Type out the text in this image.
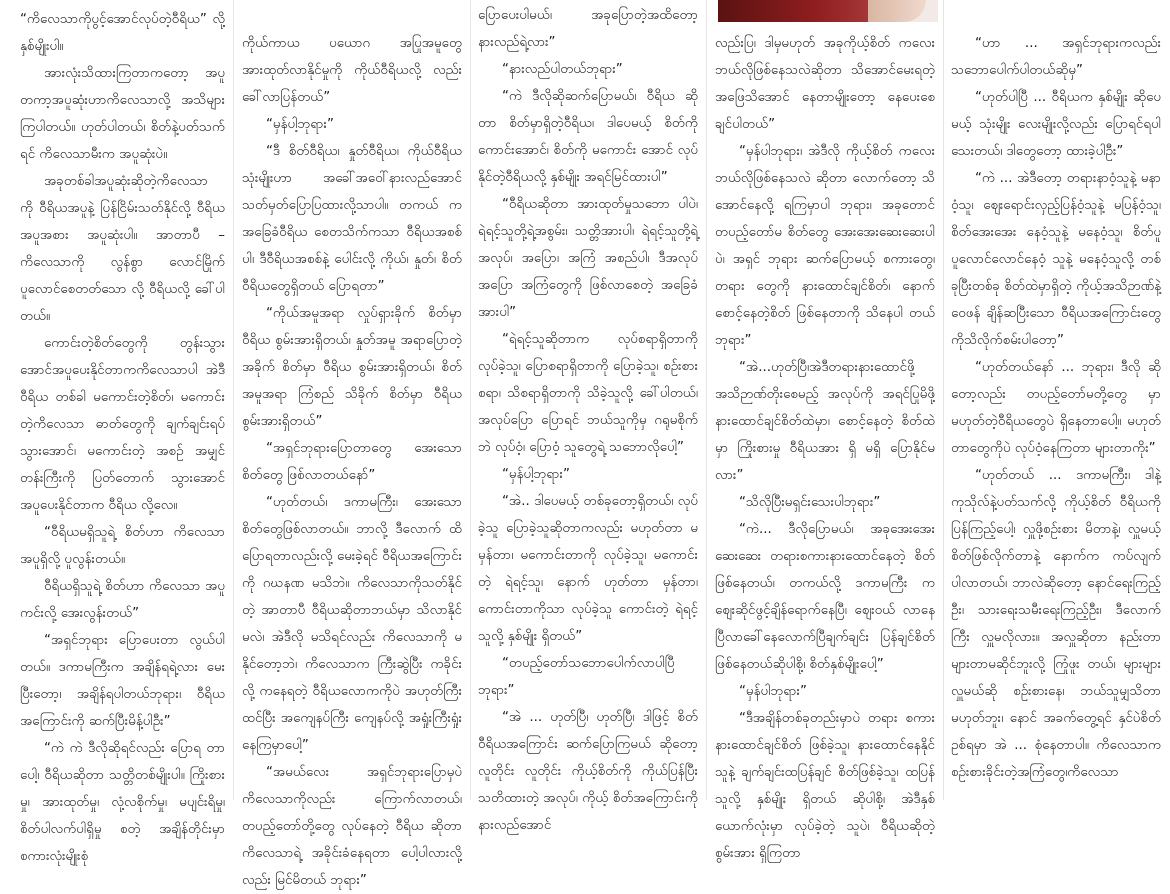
“ကိလေသာကိုပွင့်အောင်လုပ်တဲ့ဝီရိယ” လို့ နှစ်မျိုးပါ။

အားလုံးသိထားကြတာကတော့ အပူတကာ့အပူဆုံးဟာကိလေသာလို့ အသိများကြပါတယ်။ ဟုတ်ပါတယ်၊ စိတ်နဲ့ပတ်သက်ရင် ကိလေသာမီးက အပူဆုံးပဲ။

အခုတစ်ခါအပူဆုံးဆိုတဲ့ကိလေသာ ကို ဝီရိယအပူနဲ့ ပြန်ငြိမ်းသတ်နိုင်လို့ ဝီရိယအပူအစား အပူဆုံးပါ။ အာတာပီ – ကိလေသာကို လွန်စွာ လောင်မြိုက် ပူလောင်စေတတ်သော လို့ ဝီရိယလို့ ခေါ်ပါတယ်။

ကောင်းတဲ့စိတ်တွေကို တွန်းသွား အောင်အပူပေးနိုင်တာကကိလေသာပါ အဲဒီဝီရိယ တစ်ခါ မကောင်းတဲ့စိတ်၊ မကောင်းတဲ့ကိလေသာ ဓာတ်တွေကို ချက်ချင်းရပ်သွားအောင်၊ မကောင်းတဲ့ အစဉ် အမျှင်တန်းကြီးကို ပြတ်တောက် သွားအောင် အပူပေးနိုင်တာက ဝီရိယ လို့လေ။

“ဝီရိယမရှိသူရဲ့ စိတ်ဟာ ကိလေသာ အပူရှိလို့ ပူလွန်းတယ်။

ဝီရိယရှိသူရဲ့ စိတ်ဟာ ကိလေသာ အပူကင်းလို့ အေးလွန်းတယ်”

“အရှင်ဘုရား ပြောပေးတာ လွယ်ပါ တယ်။ ဒကာမကြီးက အချိန်ရရဲ့လား မေးပြီးတော့၊ အချိန်ရပါတယ်ဘုရား၊ ဝီရိယအကြောင်းကို ဆက်ပြီးမိန့်ပါဦး”

“ကဲ ကဲ ဒီလိုဆိုရင်လည်း ပြောရ တာပေါ့၊ ဝီရိယဆိုတာ သတ္တိတစ်မျိုးပါ။ ကြိုးစားမှု၊ အားထုတ်မှု၊ လုံ့လစိုက်မှု၊ မပျင်းရိမှု၊ စိတ်ပါလက်ပါရှိမှု စတဲ့ အချိန်တိုင်းမှာ စကားလုံးမျိုးစုံ

ကိုယ်ကာယ ပယောဂ အပြုအမူတွေ အားထုတ်လာနိုင်မှုကို ကိုယ်ဝီရိယလို့ လည်း ခေါ်လာပြန်တယ်”

“မှန်ပါ့ဘုရား”

“ဒီ စိတ်ဝီရိယ၊ နှုတ်ဝီရိယ၊ ကိုယ်ဝီရိယ သုံးမျိုးဟာ အခေါ်အဝေါ်နားလည်အောင် သတ်မှတ်ပြောပြထားလို့သာပါ။ တကယ် က အခြေခံဝီရိယ စေတသိက်ကသာ ဝီရိယအစစ်ပါ၊ ဒီဝီရိယအစစ်နဲ့ ပေါင်းလို့ ကိုယ်၊ နှုတ်၊ စိတ်ဝီရိယတွေရှိတယ် ပြောရတာ”

“ကိုယ်အမူအရာ လှုပ်ရှားခိုက် စိတ်မှာ ဝီရိယ စွမ်းအားရှိတယ်၊ နှုတ်အမူ အရာပြောတဲ့အခိုက် စိတ်မှာ ဝီရိယ စွမ်းအားရှိတယ်၊ စိတ်အမူအရာ ကြံစည် သိခိုက် စိတ်မှာ ဝီရိယစွမ်းအားရှိတယ်”

“အရှင်ဘုရားပြောတာတွေ အေးသော စိတ်တွေ ဖြစ်လာတယ်နော်”

“ဟုတ်တယ်၊ ဒကာမကြီး၊ အေးသော စိတ်တွေဖြစ်လာတယ်။ ဘာလို့ ဒီလောက် ထိ ပြောရတာလည်းလို့ မေးခဲ့ရင် ဝီရိယအကြောင်းကို ဂဃနဏ မသိဘဲ။ ကိလေသာကိုသတ်နိုင်တဲ့ အာတာပီ ဝီရိယဆိုတာဘယ်မှာ သိလာနိုင်မလဲ၊ အဲဒီလို မသိရင်လည်း ကိလေသာကို မနိုင်တော့ဘဲ၊ ကိလေသာက ကြီးဆွဲပြီး ကခိုင်းလို့ ကနေရတဲ့ ဝီရိယလောကကိုပဲ အဟုတ်ကြီးထင်ပြီး အကျေနပ်ကြီး ကျေနပ်လို့ အရှုံးကြီးရှုံးနေကြမှာပေါ့”

“အမယ်လေး အရှင်ဘုရားပြောမှပဲ ကိလေသာကိုလည်း ကြောက်လာတယ်၊ တပည့်တော်တို့တွေ လုပ်နေတဲ့ ဝီရိယ ဆိုတာ ကိလေသာရဲ့ အခိုင်းခံနေရတာ ပေါ့ပါလားလို့လည်း မြင်မိတယ် ဘုရား”

ပြောပေးပါမယ်၊ အခုပြောတဲ့အထိတော့ နားလည်ရဲ့လား”

“နားလည်ပါတယ်ဘုရား”

“ကဲ ဒီလိုဆိုဆက်ပြောမယ်၊ ဝီရိယ ဆိုတာ စိတ်မှာရှိတဲ့ဝီရိယ၊ ဒါပေမယ့် စိတ်ကိုကောင်းအောင်၊ စိတ်ကို မကောင်း အောင် လုပ်နိုင်တဲ့ဝီရိယလို့ နှစ်မျိုး အရင်မြင်ထားပါ”

“ဝီရိယဆိုတာ အားထုတ်မှုသဘော ပါပဲ၊ ရဲရင့်သူတို့ရဲ့အစွမ်း၊ သတ္တိအားပါ၊ ရဲရင့်သူတို့ရဲ့ အလုပ်၊ အပြော၊ အကြံ အစည်ပါ၊ ဒီအလုပ် အပြော အကြံတွေကို ဖြစ်လာစေတဲ့ အခြေခံအားပါ”

“ရဲရင့်သူဆိုတာက လုပ်စရာရှိတာကို လုပ်ခဲ့သူ၊ ပြောစရာရှိတာကို ပြောခဲ့သူ၊ စဉ်းစားစရာ၊ သိစရာရှိတာကို သိခဲ့သူလို့ ခေါ်ပါတယ်၊ အလုပ်ပြော ပြောရင် ဘယ်သူကိုမှ ဂရုမစိုက်ဘဲ လုပ်ဝံ့၊ ပြောဝံ့ သူတွေရဲ့ သဘောလိုပေါ့”

“မှန်ပါ့ဘုရား”

“အဲ.. ဒါပေမယ့် တစ်ခုတော့ရှိတယ်၊ လုပ်ခဲ့သူ ပြောခဲ့သူဆိုတာကလည်း မဟုတ်တာ မမှန်တာ၊ မကောင်းတာကို လုပ်ခဲ့သူ၊ မကောင်းတဲ့ ရဲရင့်သူ၊ နောက် ဟုတ်တာ မှန်တာ၊ ကောင်းတာကိုသာ လုပ်ခဲ့သူ ကောင်းတဲ့ ရဲရင့်သူလို့ နှစ်မျိုး ရှိတယ်”

“တပည့်တော်သဘောပေါက်လာပါပြီ ဘုရား”

“အဲ ... ဟုတ်ပြီ၊ ဟုတ်ပြီ၊ ဒါဖြင့် စိတ်ဝီရိယအကြောင်း ဆက်ပြောကြမယ် ဆိုတော့ လူတိုင်း လူတိုင်း ကိုယ့်စိတ်ကို ကိုယ်ပြန်ပြီး သတိထားတဲ့ အလုပ်၊ ကိုယ့် စိတ်အကြောင်းကို နားလည်အောင်

လည်းပြ၊ ဒါမှမဟုတ် အခုကိုယ့်စိတ် ကလေး ဘယ်လိုဖြစ်နေသလဲဆိုတာ သိအောင်မေးရတဲ့ အဖြေသိအောင် နေတာမျိုးတော့ နေပေးစေချင်ပါတယ်”

“မှန်ပါဘုရား၊ အဲဒီလို ကိုယ့်စိတ် ကလေး ဘယ်လိုဖြစ်နေသလဲ ဆိုတာ လောက်တော့ သိအောင်နေလို့ ရကြမှာပါ ဘုရား၊ အခုတောင် တပည့်တော်မ စိတ်တွေ အေးအေးဆေးဆေးပါပဲ၊ အရှင် ဘုရား ဆက်ပြောမယ့် စကားတွေ၊ တရား တွေကို နားထောင်ချင်စိတ်၊ နောက် စောင့်နေတဲ့စိတ် ဖြစ်နေတာကို သိနေပါ တယ်ဘုရား”

“အဲ...ဟုတ်ပြီ၊အဲဒီတရားနားထောင်ဖို့ အသိဉာဏ်တိုးစေမည့် အလုပ်ကို အရင်ပြုမိဖို့ နားထောင်ချင်စိတ်ထဲမှာ၊ စောင့်နေတဲ့ စိတ်ထဲမှာ ကြိုးစားမှု ဝီရိယအား ရှိ မရှိ ပြောနိုင်မလား”

“သိလိုပြီးမရှင်းသေးပါဘုရား”

“ကဲ... ဒီလိုပြောမယ်၊ အခုအေးအေး ဆေးဆေး တရားစကားနားထောင်နေတဲ့ စိတ်ဖြစ်နေတယ်၊ တကယ်လို့ ဒကာမကြီး က ဈေးဆိုင်ဖွင့်ချိန်ရောက်နေပြီ၊ ဈေးဝယ် လာနေပြီလာခေါ်နေလောက်ပြီချက်ချင်း ပြန်ချင်စိတ် ဖြစ်နေတယ်ဆိုပါစို့၊ စိတ်နှစ်မျိုးပေါ့”

“မှန်ပါဘုရား”

“ဒီအချိန်တစ်ခုတည်းမှာပဲ တရား စကား နားထောင်ချင်စိတ် ဖြစ်ခဲ့သူ၊ နားထောင်နေနိုင်သူနဲ့ ချက်ချင်းထပြန်ချင် စိတ်ဖြစ်ခဲ့သူ၊ ထပြန်သူလို့ နှစ်မျိုး ရှိတယ် ဆိုပါစို့၊ အဲဒီနှစ်ယောက်လုံးမှာ လုပ်ခဲ့တဲ့ သူပဲ၊ ဝီရိယဆိုတဲ့ စွမ်းအား ရှိကြတာ

“ဟာ ... အရှင်ဘုရားကလည်း သဘောပေါက်ပါတယ်ဆိုမှ”

“ဟုတ်ပါပြီ ... ဝီရိယက နှစ်မျိုး ဆိုပေမယ့် သုံးမျိုး လေးမျိုးလို့လည်း ပြောရင်ရပါသေးတယ်၊ ဒါတွေတော့ ထားခဲ့ပါဦး”

“ကဲ ... အဲဒီတော့ တရားနာဝံ့သူနဲ့ မနာဝံ့သူ၊ ဈေးရောင်းလှည့်ပြန်ဝံ့သူနဲ့ မပြန်ဝံ့သူ၊ စိတ်အေးအေး နေဝံ့သူနဲ့ မနေဝံ့သူ၊ စိတ်ပူပူလောင်လောင်နေဝံ့ သူနဲ့ မနေဝံ့သူလို့ တစ်ခုပြီးတစ်ခု စိတ်ထဲမှာရှိတဲ့ ကိုယ့်အသိဉာဏ်နဲ့ ဝေဖန် ချိန်ဆပြီးသော ဝီရိယအကြောင်းတွေ ကိုသိလိုက်စမ်းပါတော့”

“ဟုတ်တယ်နော် ... ဘုရား၊ ဒီလို ဆိုတော့လည်း တပည့်တော်မတို့တွေ မှာ မဟုတ်တဲ့ဝီရိယတွေပဲ ရှိနေတာပေါ့။ မဟုတ်တာတွေကိုပဲ လုပ်ဝံ့နေကြတာ များတာကိုး”

“ဟုတ်တယ် ... ဒကာမကြီး၊ ဒါနဲ့ ကုသိုလ်နဲ့ပတ်သက်လို့ ကိုယ့်စိတ် ဝီရိယကို ပြန်ကြည့်ပေါ့၊ လှူဖို့စဉ်းစား မိတာနဲ့၊ လှူမယ့်စိတ်ဖြစ်လိုက်တာနဲ့ နောက်က ကပ်လျက်ပါလာတယ်၊ ဘာလဲဆိုတော့ နောင်ရေးကြည့်ဦး၊ သားရေးသမီးရေးကြည့်ဦး၊ ဒီလောက် ကြီး လှူမလိုလား။ အလှူဆိုတာ နည်းတာ များတာမဆိုင်ဘူးလို့ ကြုံဖူး တယ်၊ များများလှူမယ်ဆို စဉ်းစားနေ၊ ဘယ်သူမျှသိတာ မဟုတ်ဘူး၊ နောင် အခက်တွေ့ရင် နှင်ပဲစိတ်ဥစ်ရမှာ အဲ ... စုံနေတာပါ။ ကိလေသာက စဉ်းစားခိုင်းတဲ့အကြံတွေ၊ကိလေသာ
